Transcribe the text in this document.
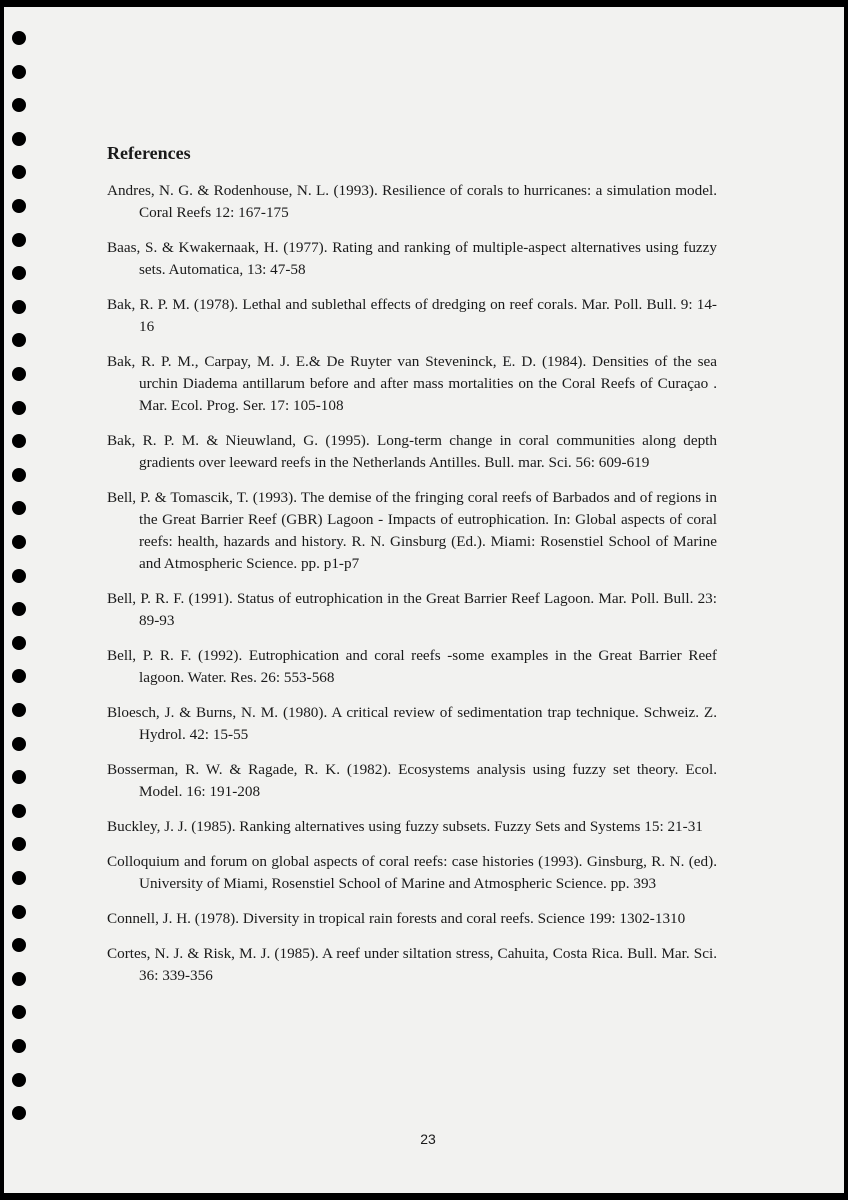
References

Andres, N. G. & Rodenhouse, N. L. (1993). Resilience of corals to hurricanes: a simulation model. Coral Reefs 12: 167-175

Baas, S. & Kwakernaak, H. (1977). Rating and ranking of multiple-aspect alternatives using fuzzy sets. Automatica, 13: 47-58

Bak, R. P. M. (1978). Lethal and sublethal effects of dredging on reef corals. Mar. Poll. Bull. 9: 14-16

Bak, R. P. M., Carpay, M. J. E.& De Ruyter van Steveninck, E. D. (1984). Densities of the sea urchin Diadema antillarum before and after mass mortalities on the Coral Reefs of Curaçao . Mar. Ecol. Prog. Ser. 17: 105-108

Bak, R. P. M. & Nieuwland, G. (1995). Long-term change in coral communities along depth gradients over leeward reefs in the Netherlands Antilles. Bull. mar. Sci. 56: 609-619

Bell, P. & Tomascik, T. (1993). The demise of the fringing coral reefs of Barbados and of regions in the Great Barrier Reef (GBR) Lagoon - Impacts of eutrophication. In: Global aspects of coral reefs: health, hazards and history. R. N. Ginsburg (Ed.). Miami: Rosenstiel School of Marine and Atmospheric Science. pp. p1-p7

Bell, P. R. F. (1991). Status of eutrophication in the Great Barrier Reef Lagoon. Mar. Poll. Bull. 23: 89-93

Bell, P. R. F. (1992). Eutrophication and coral reefs -some examples in the Great Barrier Reef lagoon. Water. Res. 26: 553-568

Bloesch, J. & Burns, N. M. (1980). A critical review of sedimentation trap technique. Schweiz. Z. Hydrol. 42: 15-55

Bosserman, R. W. & Ragade, R. K. (1982). Ecosystems analysis using fuzzy set theory. Ecol. Model. 16: 191-208

Buckley, J. J. (1985). Ranking alternatives using fuzzy subsets. Fuzzy Sets and Systems 15: 21-31

Colloquium and forum on global aspects of coral reefs: case histories (1993). Ginsburg, R. N. (ed). University of Miami, Rosenstiel School of Marine and Atmospheric Science. pp. 393

Connell, J. H. (1978). Diversity in tropical rain forests and coral reefs. Science 199: 1302-1310

Cortes, N. J. & Risk, M. J. (1985). A reef under siltation stress, Cahuita, Costa Rica. Bull. Mar. Sci. 36: 339-356

23
